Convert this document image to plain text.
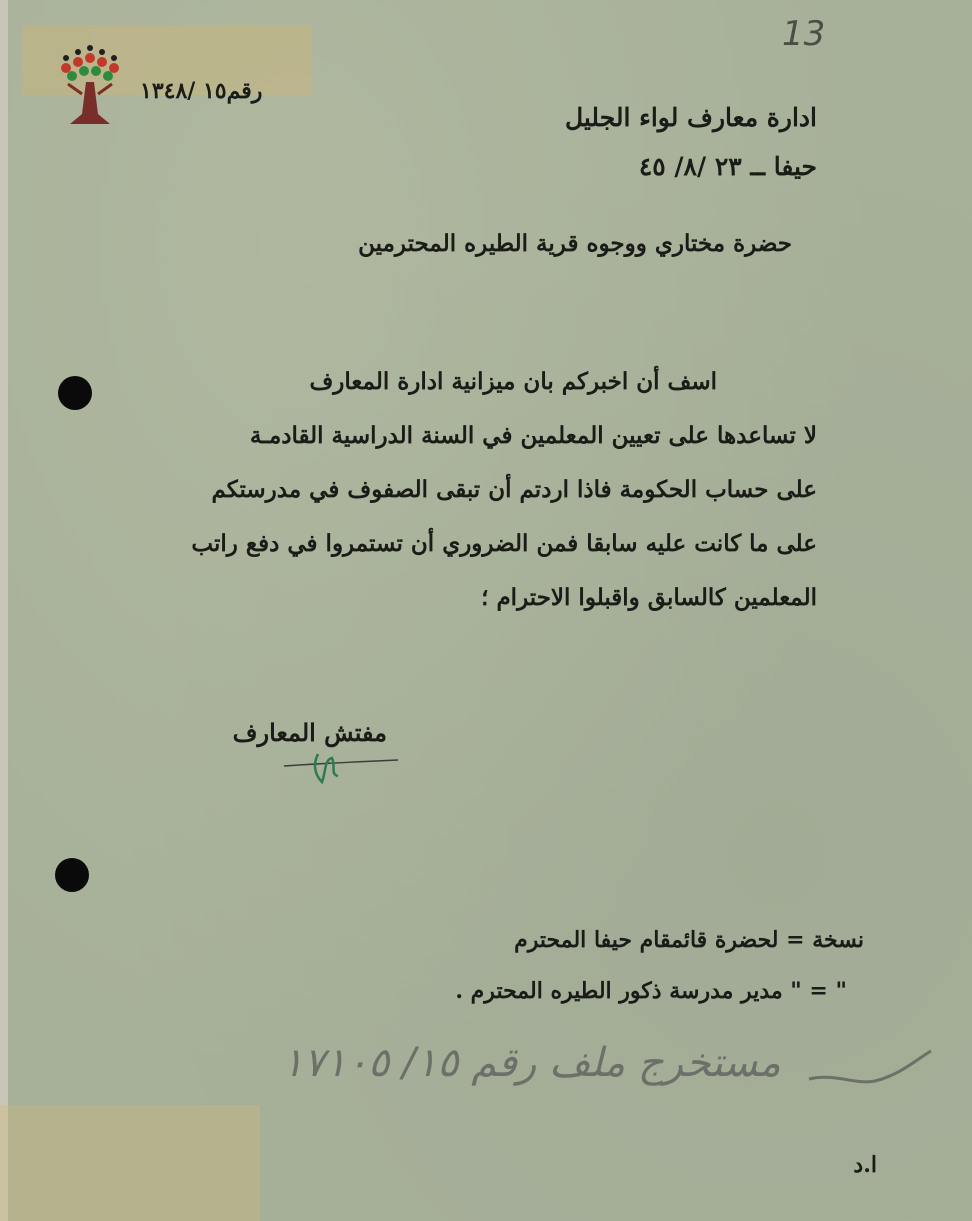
رقم١٥ /١٣٤٨
13
ادارة معارف لواء الجليل
حيفا ــ ٢٣ /٨/ ٤٥
حضرة مختاري ووجوه قرية الطيره المحترمين
اسف أن اخبركم بان ميزانية ادارة المعارف
لا تساعدها على تعيين المعلمين في السنة الدراسية القادمـة
على حساب الحكومة فاذا اردتم أن تبقى الصفوف في مدرستكم
على ما كانت عليه سابقا فمن الضروري أن تستمروا في دفع راتب
المعلمين كالسابق واقبلوا الاحترام ؛
مفتش المعارف
نسخة = لحضرة قائمقام حيفا المحترم
" = " مدير مدرسة ذكور الطيره المحترم .
مستخرج ملف رقم ١٥/ ١٧١٠٥
ا.د
